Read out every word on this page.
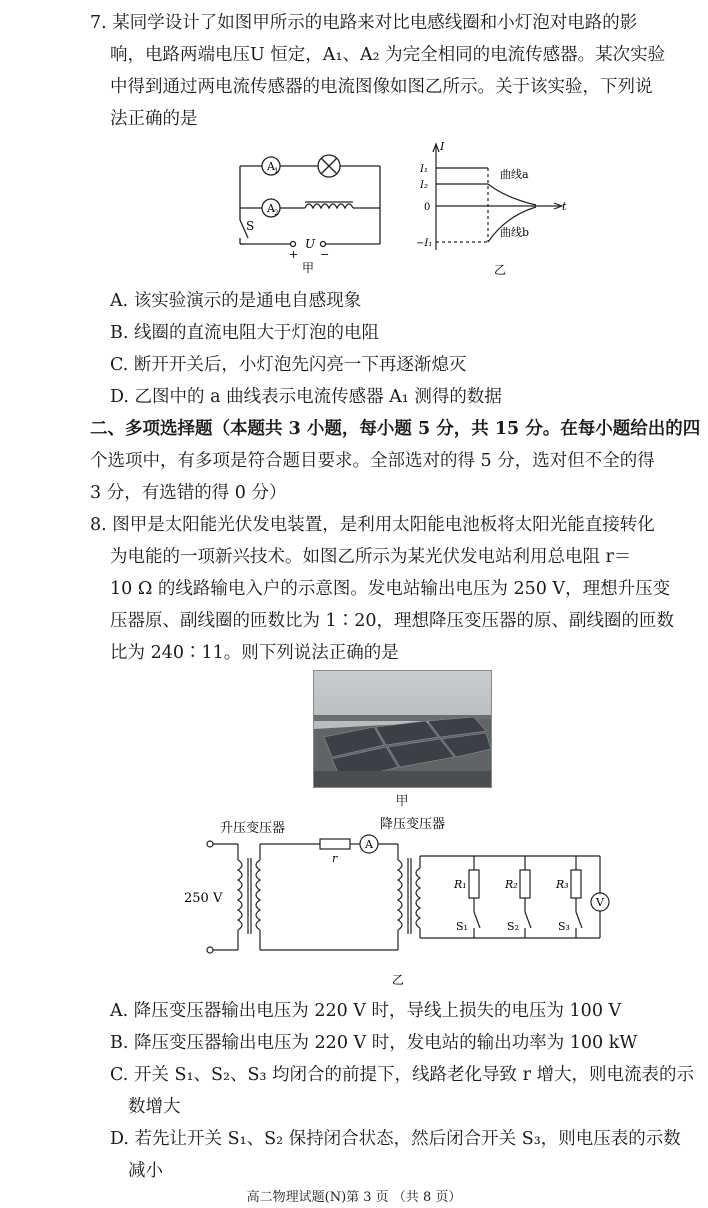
7. 某同学设计了如图甲所示的电路来对比电感线圈和小灯泡对电路的影
响，电路两端电压U 恒定，A₁、A₂ 为完全相同的电流传感器。某次实验
中得到通过两电流传感器的电流图像如图乙所示。关于该实验，下列说
法正确的是
A 1
A 2
S
U
+ −
甲
I
t
I₁
I₂
0
−I₁
曲线a
曲线b
乙
A. 该实验演示的是通电自感现象
B. 线圈的直流电阻大于灯泡的电阻
C. 断开开关后，小灯泡先闪亮一下再逐渐熄灭
D. 乙图中的 a 曲线表示电流传感器 A₁ 测得的数据
二、多项选择题（本题共 3 小题，每小题 5 分，共 15 分。在每小题给出的四
个选项中，有多项是符合题目要求。全部选对的得 5 分，选对但不全的得
3 分，有选错的得 0 分）
8. 图甲是太阳能光伏发电装置，是利用太阳能电池板将太阳光能直接转化
为电能的一项新兴技术。如图乙所示为某光伏发电站利用总电阻 r＝
10 Ω 的线路输电入户的示意图。发电站输出电压为 250 V，理想升压变
压器原、副线圈的匝数比为 1∶20，理想降压变压器的原、副线圈的匝数
比为 240∶11。则下列说法正确的是
甲
升压变压器	降压变压器
250 V
r
A
V
R₁	R₂	R₃
S₁	S₂	S₃
乙
A. 降压变压器输出电压为 220 V 时，导线上损失的电压为 100 V
B. 降压变压器输出电压为 220 V 时，发电站的输出功率为 100 kW
C. 开关 S₁、S₂、S₃ 均闭合的前提下，线路老化导致 r 增大，则电流表的示
数增大
D. 若先让开关 S₁、S₂ 保持闭合状态，然后闭合开关 S₃，则电压表的示数
减小
高二物理试题(N)第 3 页 （共 8 页）
